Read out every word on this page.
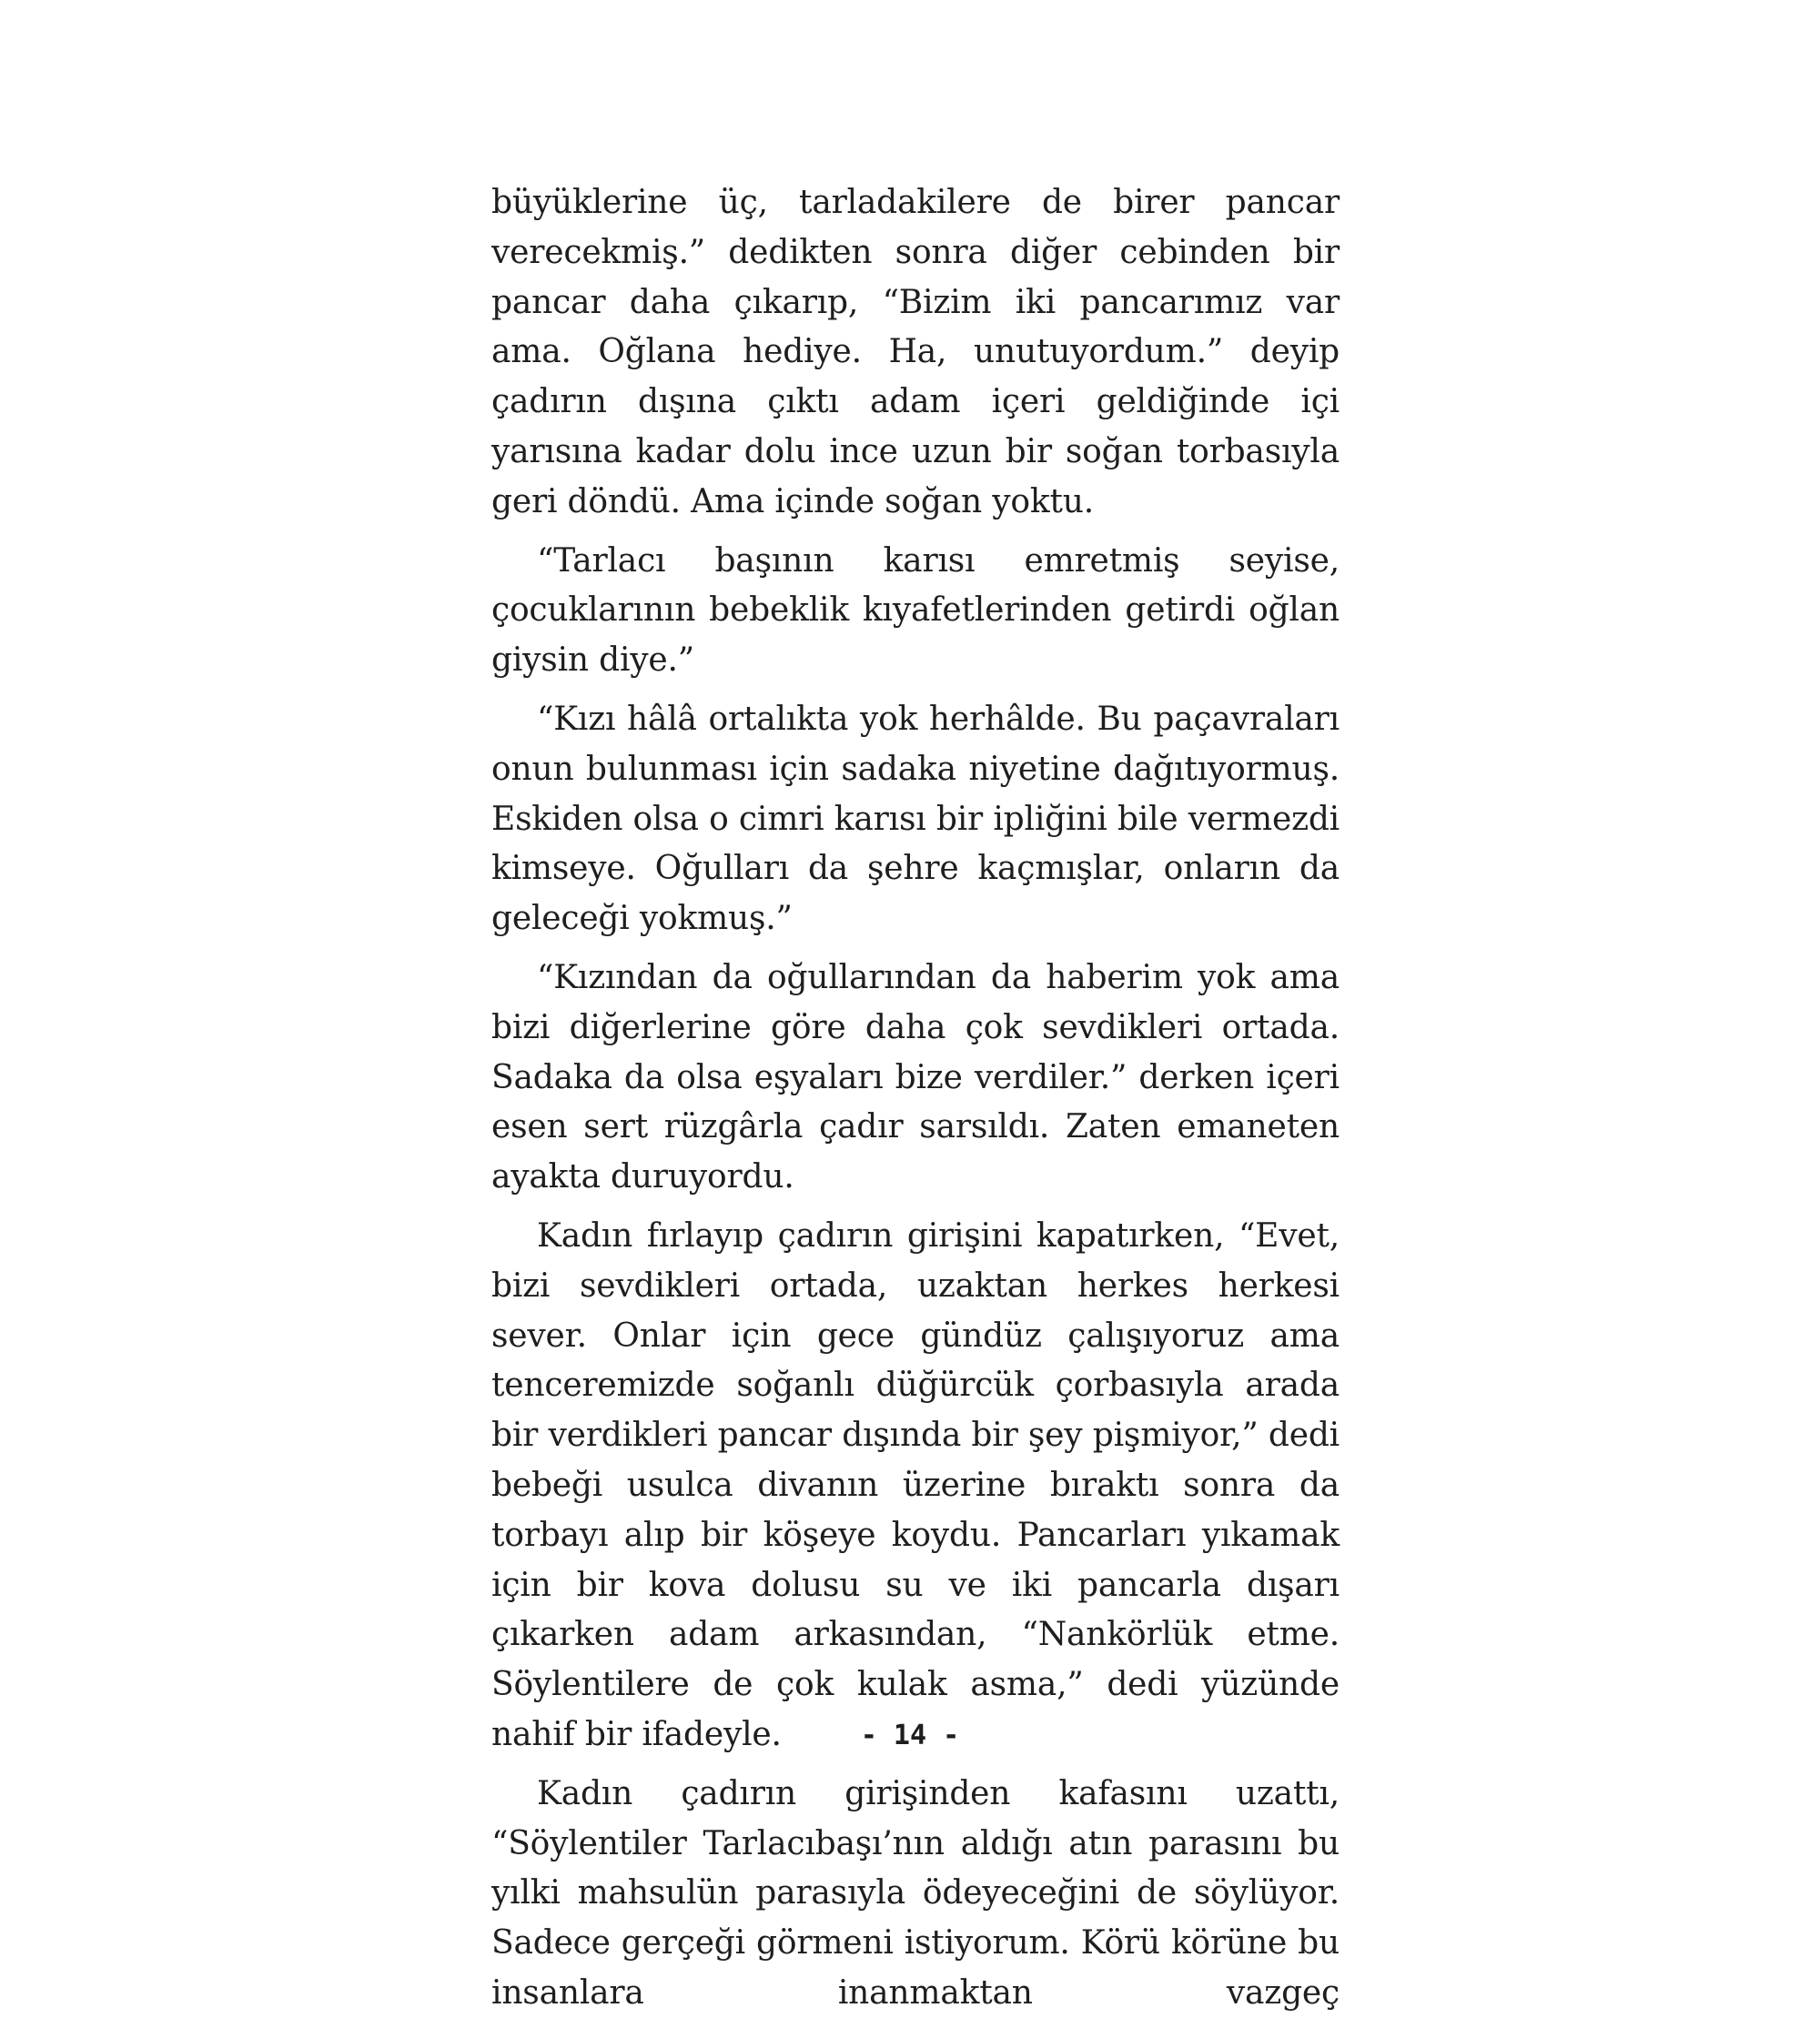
büyüklerine üç, tarladakilere de birer pancar verecekmiş.” dedikten sonra diğer cebinden bir pancar daha çıkarıp, “Bizim iki pancarımız var ama. Oğlana hediye. Ha, unutuyordum.” deyip çadırın dışına çıktı adam içeri geldiğinde içi yarısına kadar dolu ince uzun bir soğan torbasıyla geri döndü. Ama içinde soğan yoktu.

“Tarlacı başının karısı emretmiş seyise, çocuklarının bebeklik kıyafetlerinden getirdi oğlan giysin diye.”

“Kızı hâlâ ortalıkta yok herhâlde. Bu paçavraları onun bulunması için sadaka niyetine dağıtıyormuş. Eskiden olsa o cimri karısı bir ipliğini bile vermezdi kimseye. Oğulları da şehre kaçmışlar, onların da geleceği yokmuş.”

“Kızından da oğullarından da haberim yok ama bizi diğerlerine göre daha çok sevdikleri ortada. Sadaka da olsa eşyaları bize verdiler.” derken içeri esen sert rüzgârla çadır sarsıldı. Zaten emaneten ayakta duruyordu.

Kadın fırlayıp çadırın girişini kapatırken, “Evet, bizi sevdikleri ortada, uzaktan herkes herkesi sever. Onlar için gece gündüz çalışıyoruz ama tenceremizde soğanlı düğürcük çorbasıyla arada bir verdikleri pancar dışında bir şey pişmiyor,” dedi bebeği usulca divanın üzerine bıraktı sonra da torbayı alıp bir köşeye koydu. Pancarları yıkamak için bir kova dolusu su ve iki pancarla dışarı çıkarken adam arkasından, “Nankörlük etme. Söylentilere de çok kulak asma,” dedi yüzünde nahif bir ifadeyle.

Kadın çadırın girişinden kafasını uzattı, “Söylentiler Tarlacıbaşı’nın aldığı atın parasını bu yılki mahsulün parasıyla ödeyeceğini de söylüyor. Sadece gerçeği görmeni istiyorum. Körü körüne bu insanlara inanmaktan vazgeç

- 14 -
